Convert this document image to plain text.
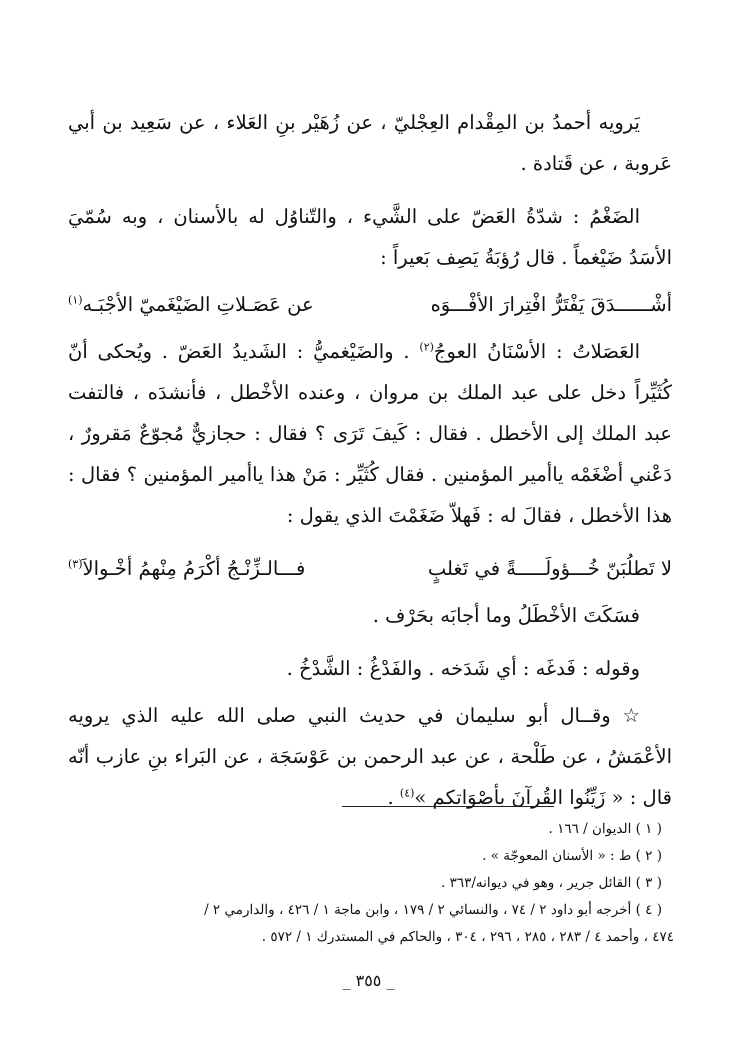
يَرويه أحمدُ بن المِقْدام العِجْليّ ، عن زُهَيْر بنِ العَلاء ، عن سَعِيد بن أبي عَروبة ، عن قَتادة .

الضَغْمُ : شدّةُ العَضّ على الشَّيء ، والتّناوُل له بالأسنان ، وبه سُمّيَ الأسَدُ ضَيْغماً . قال رُؤبَةُ يَصِف بَعيراً :

أشْــــــدَقَ يَفْتَرُّ افْتِرارَ الأفْـــوَه
عن عَصَـلاتِ الضَيْغَميّ الأجْبَـه$^{(١)}$

العَصَلاتُ : الأسْنَانُ العوجُ$^{(٢)}$ . والضَيْغميُّ : الشَديدُ العَضّ . ويُحكى أنّ كُثَيِّراً دخل على عبد الملك بن مروان ، وعنده الأخْطل ، فأنشدَه ، فالتفت عبد الملك إلى الأخطل . فقال : كَيفَ تَرَى ؟ فقال : حجازيٌّ مُجوّعٌ مَقرورٌ ، دَعْني أضْغَمْه ياأمير المؤمنين . فقال كُثَيِّر : مَنْ هذا ياأمير المؤمنين ؟ فقال : هذا الأخطل ، فقالَ له : فَهلاّ ضَغَمْتَ الذي يقول :

لا تَطلُبَنّ خُـــؤولَـــــةً في تَغلبٍ
فـــالـزِّنْـجُ أكْرَمُ مِنْهمُ أخْـوالاَ$^{(٣)}$

فسَكَتَ الأخْطَلُ وما أجابَه بحَرْف .

وقوله : فَدغَه : أي شَدَخه . والفَدْغُ : الشَّدْخُ .

☆ وقــال أبو سليمان في حديث النبي صلى الله عليه الذي يرويه الأعْمَشُ ، عن طَلْحة ، عن عبد الرحمن بن عَوْسَجَة ، عن البَراء بنِ عازب أنّه قال : « زَيِّنُوا القُرآنَ بأصْوَاتكم »$^{(٤)}$ .

( ١ ) الديوان / ١٦٦ .

( ٢ ) ط : « الأسنان المعوجّة » .

( ٣ ) القائل جرير ، وهو في ديوانه/٣٦٣ .

( ٤ ) أخرجه أبو داود ٢ / ٧٤ ، والنسائي ٢ / ١٧٩ ، وابن ماجة ١ / ٤٢٦ ، والدارمي ٢ /

٤٧٤ ، وأحمد ٤ / ٢٨٣ ، ٢٨٥ ، ٢٩٦ ، ٣٠٤ ، والحاكم في المستدرك ١ / ٥٧٢ .

_ ٣٥٥ _
